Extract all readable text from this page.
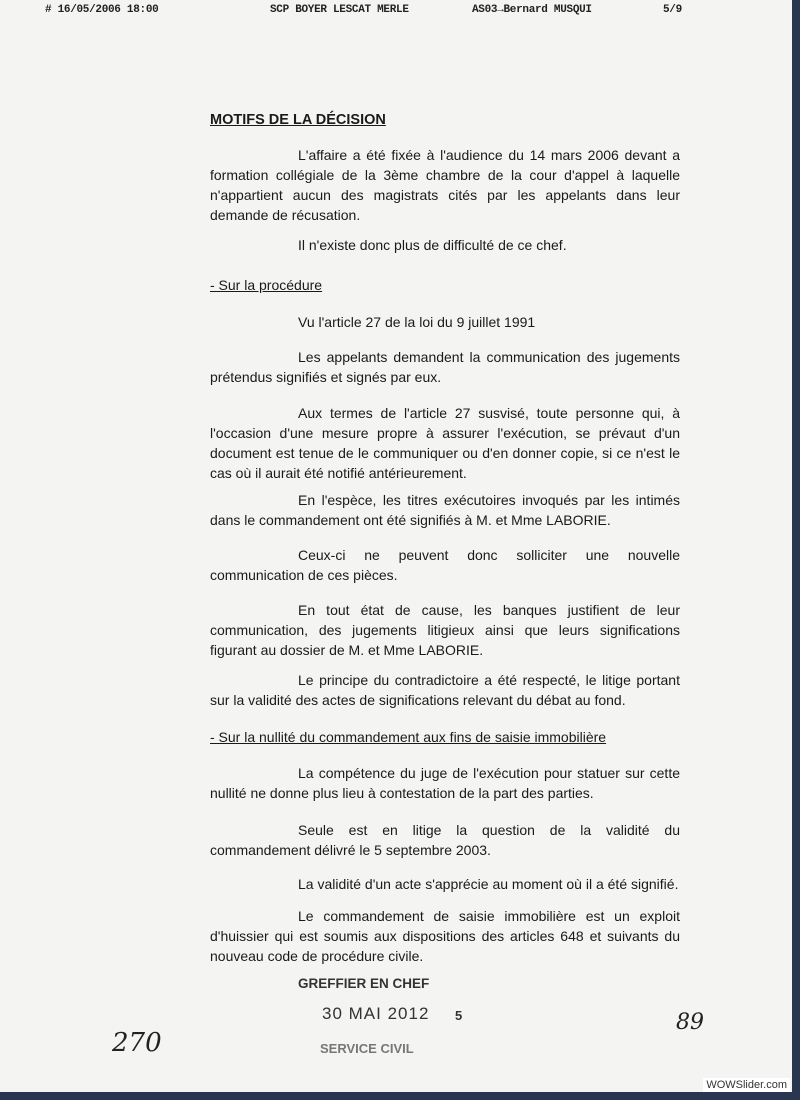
# 16/05/2006 18:00	SCP BOYER LESCAT MERLE	AS03→Bernard MUSQUI	5/9
MOTIFS DE LA DÉCISION
L'affaire a été fixée à l'audience du 14 mars 2006 devant a formation collégiale de la 3ème chambre de la cour d'appel à laquelle n'appartient aucun des magistrats cités par les appelants dans leur demande de récusation.
Il n'existe donc plus de difficulté de ce chef.
- Sur la procédure
Vu l'article 27 de la loi du 9 juillet 1991
Les appelants demandent la communication des jugements prétendus signifiés et signés par eux.
Aux termes de l'article 27 susvisé, toute personne qui, à l'occasion d'une mesure propre à assurer l'exécution, se prévaut d'un document est tenue de le communiquer ou d'en donner copie, si ce n'est le cas où il aurait été notifié antérieurement.
En l'espèce, les titres exécutoires invoqués par les intimés dans le commandement ont été signifiés à M. et Mme LABORIE.
Ceux-ci ne peuvent donc solliciter une nouvelle communication de ces pièces.
En tout état de cause, les banques justifient de leur communication, des jugements litigieux ainsi que leurs significations figurant au dossier de M. et Mme LABORIE.
Le principe du contradictoire a été respecté, le litige portant sur la validité des actes de significations relevant du débat au fond.
- Sur la nullité du commandement aux fins de saisie immobilière
La compétence du juge de l'exécution pour statuer sur cette nullité ne donne plus lieu à contestation de la part des parties.
Seule est en litige la question de la validité du commandement délivré le 5 septembre 2003.
La validité d'un acte s'apprécie au moment où il a été signifié.
Le commandement de saisie immobilière est un exploit d'huissier qui est soumis aux dispositions des articles 648 et suivants du nouveau code de procédure civile.
GREFFIER EN CHEF
30 MAI 2012 5
SERVICE CIVIL
270
89
WOWSlider.com
